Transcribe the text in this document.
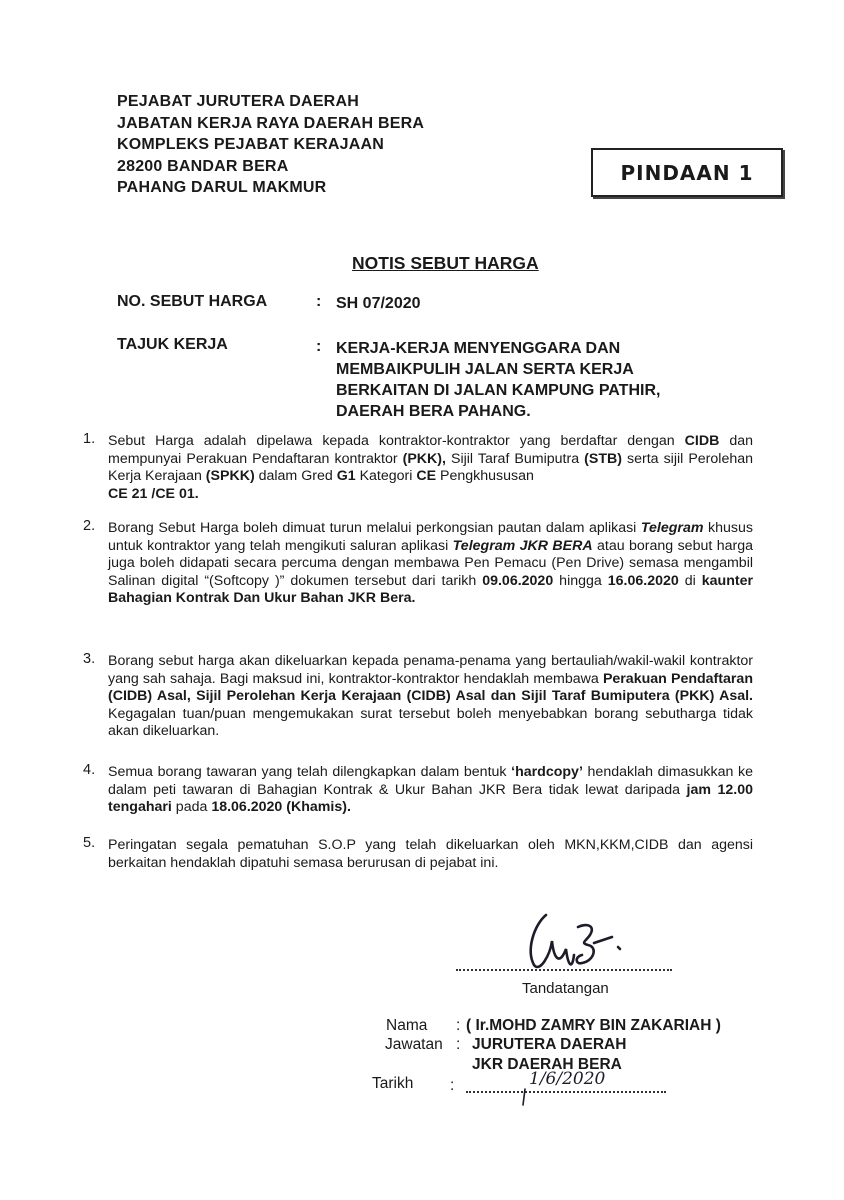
PEJABAT JURUTERA DAERAH
JABATAN KERJA RAYA DAERAH BERA
KOMPLEKS PEJABAT KERAJAAN
28200 BANDAR BERA
PAHANG DARUL MAKMUR
PINDAAN 1
NOTIS SEBUT HARGA
NO. SEBUT HARGA	: SH 07/2020
TAJUK KERJA	: KERJA-KERJA MENYENGGARA DAN
MEMBAIKPULIH JALAN SERTA KERJA
BERKAITAN DI JALAN KAMPUNG PATHIR,
DAERAH BERA PAHANG.
1. Sebut Harga adalah dipelawa kepada kontraktor-kontraktor yang berdaftar dengan CIDB dan mempunyai Perakuan Pendaftaran kontraktor (PKK), Sijil Taraf Bumiputra (STB) serta sijil Perolehan Kerja Kerajaan (SPKK) dalam Gred G1 Kategori CE Pengkhususan
CE 21 /CE 01.
2. Borang Sebut Harga boleh dimuat turun melalui perkongsian pautan dalam aplikasi Telegram khusus untuk kontraktor yang telah mengikuti saluran aplikasi Telegram JKR BERA atau borang sebut harga juga boleh didapati secara percuma dengan membawa Pen Pemacu (Pen Drive) semasa mengambil Salinan digital “(Softcopy )” dokumen tersebut dari tarikh 09.06.2020 hingga 16.06.2020 di kaunter Bahagian Kontrak Dan Ukur Bahan JKR Bera.
3. Borang sebut harga akan dikeluarkan kepada penama-penama yang bertauliah/wakil-wakil kontraktor yang sah sahaja. Bagi maksud ini, kontraktor-kontraktor hendaklah membawa Perakuan Pendaftaran (CIDB) Asal, Sijil Perolehan Kerja Kerajaan (CIDB) Asal dan Sijil Taraf Bumiputera (PKK) Asal. Kegagalan tuan/puan mengemukakan surat tersebut boleh menyebabkan borang sebutharga tidak akan dikeluarkan.
4. Semua borang tawaran yang telah dilengkapkan dalam bentuk ‘hardcopy’ hendaklah dimasukkan ke dalam peti tawaran di Bahagian Kontrak & Ukur Bahan JKR Bera tidak lewat daripada jam 12.00 tengahari pada 18.06.2020 (Khamis).
5. Peringatan segala pematuhan S.O.P yang telah dikeluarkan oleh MKN,KKM,CIDB dan agensi berkaitan hendaklah dipatuhi semasa berurusan di pejabat ini.
Tandatangan
Nama : ( Ir.MOHD ZAMRY BIN ZAKARIAH )
Jawatan : JURUTERA DAERAH
JKR DAERAH BERA
Tarikh :	1/6/2020
